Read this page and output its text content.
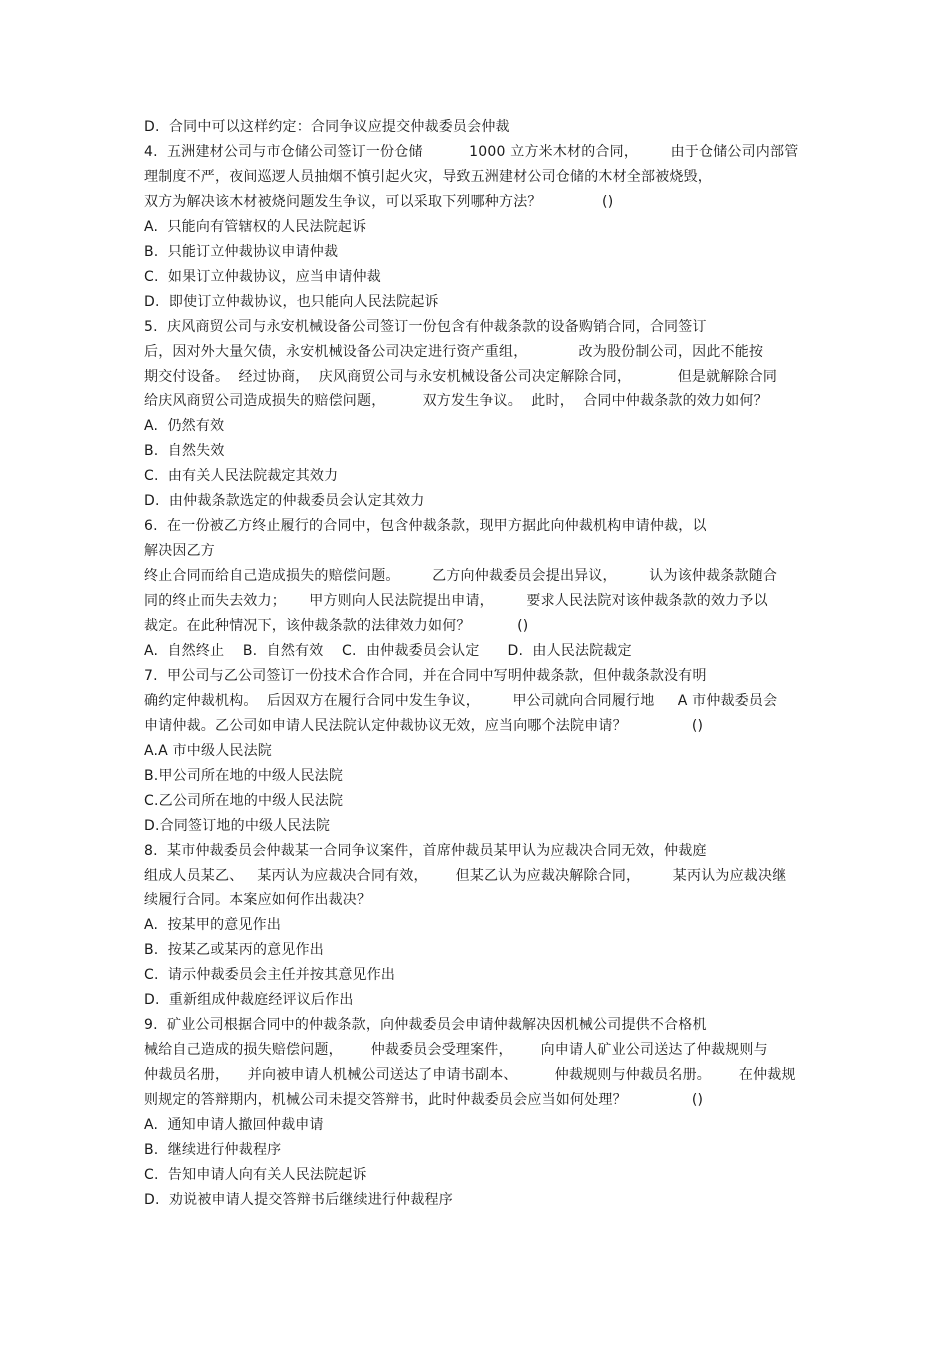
D.  合同中可以这样约定：合同争议应提交仲裁委员会仲裁
4.  五洲建材公司与市仓储公司签订一份仓储          1000 立方米木材的合同，       由于仓储公司内部管
理制度不严，夜间巡逻人员抽烟不慎引起火灾，导致五洲建材公司仓储的木材全部被烧毁，
双方为解决该木材被烧问题发生争议，可以采取下列哪种方法？             ()
A.  只能向有管辖权的人民法院起诉
B.  只能订立仲裁协议申请仲裁
C.  如果订立仲裁协议，应当申请仲裁
D.  即使订立仲裁协议，也只能向人民法院起诉
5.  庆风商贸公司与永安机械设备公司签订一份包含有仲裁条款的设备购销合同，合同签订
后，因对外大量欠债，永安机械设备公司决定进行资产重组，           改为股份制公司，因此不能按
期交付设备。  经过协商，  庆风商贸公司与永安机械设备公司决定解除合同，          但是就解除合同
给庆风商贸公司造成损失的赔偿问题，        双方发生争议。  此时，  合同中仲裁条款的效力如何？
A.  仍然有效
B.  自然失效
C.  由有关人民法院裁定其效力
D.  由仲裁条款选定的仲裁委员会认定其效力
6.  在一份被乙方终止履行的合同中，包含仲裁条款，现甲方据此向仲裁机构申请仲裁，以
解决因乙方
终止合同而给自己造成损失的赔偿问题。       乙方向仲裁委员会提出异议，       认为该仲裁条款随合
同的终止而失去效力；     甲方则向人民法院提出申请，       要求人民法院对该仲裁条款的效力予以
裁定。在此种情况下，该仲裁条款的法律效力如何？          ()
A.  自然终止    B.  自然有效    C.  由仲裁委员会认定      D.  由人民法院裁定
7.  甲公司与乙公司签订一份技术合作合同，并在合同中写明仲裁条款，但仲裁条款没有明
确约定仲裁机构。  后因双方在履行合同中发生争议，       甲公司就向合同履行地     A 市仲裁委员会
申请仲裁。乙公司如申请人民法院认定仲裁协议无效，应当向哪个法院申请？              ()
A.A 市中级人民法院
B.甲公司所在地的中级人民法院
C.乙公司所在地的中级人民法院
D.合同签订地的中级人民法院
8.  某市仲裁委员会仲裁某一合同争议案件，首席仲裁员某甲认为应裁决合同无效，仲裁庭
组成人员某乙、   某丙认为应裁决合同有效，      但某乙认为应裁决解除合同，       某丙认为应裁决继
续履行合同。本案应如何作出裁决？
A.  按某甲的意见作出
B.  按某乙或某丙的意见作出
C.  请示仲裁委员会主任并按其意见作出
D.  重新组成仲裁庭经评议后作出
9.  矿业公司根据合同中的仲裁条款，向仲裁委员会申请仲裁解决因机械公司提供不合格机
械给自己造成的损失赔偿问题，      仲裁委员会受理案件，      向申请人矿业公司送达了仲裁规则与
仲裁员名册，    并向被申请人机械公司送达了申请书副本、        仲裁规则与仲裁员名册。      在仲裁规
则规定的答辩期内，机械公司未提交答辩书，此时仲裁委员会应当如何处理？              ()
A.  通知申请人撤回仲裁申请
B.  继续进行仲裁程序
C.  告知申请人向有关人民法院起诉
D.  劝说被申请人提交答辩书后继续进行仲裁程序
